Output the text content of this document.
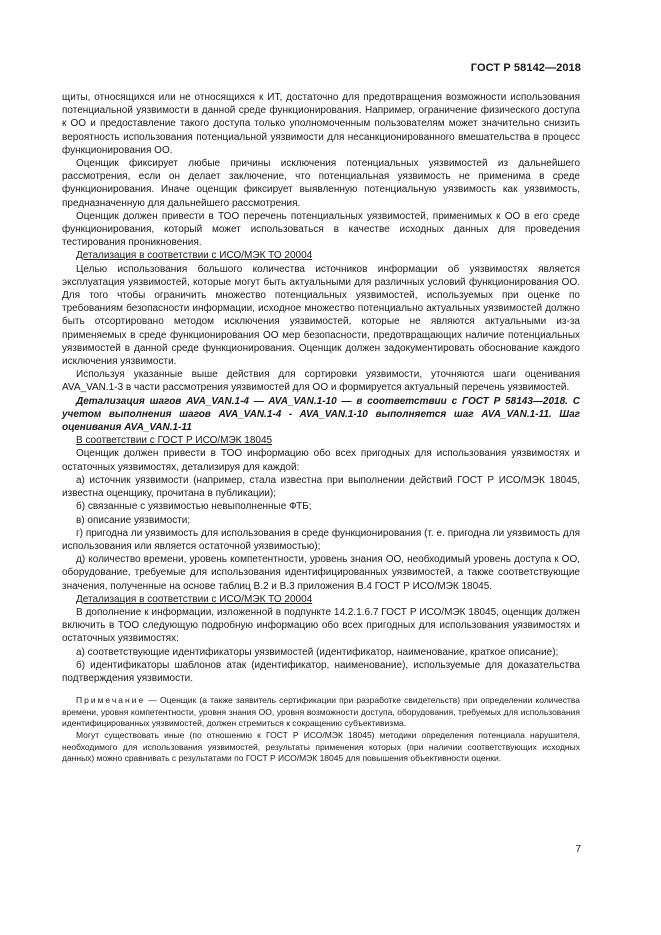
ГОСТ Р 58142—2018

щиты, относящихся или не относящихся к ИТ, достаточно для предотвращения возможности использования потенциальной уязвимости в данной среде функционирования. Например, ограничение физического доступа к ОО и предоставление такого доступа только уполномоченным пользователям может значительно снизить вероятность использования потенциальной уязвимости для несанкционированного вмешательства в процесс функционирования ОО.

Оценщик фиксирует любые причины исключения потенциальных уязвимостей из дальнейшего рассмотрения, если он делает заключение, что потенциальная уязвимость не применима в среде функционирования. Иначе оценщик фиксирует выявленную потенциальную уязвимость как уязвимость, предназначенную для дальнейшего рассмотрения.

Оценщик должен привести в ТОО перечень потенциальных уязвимостей, применимых к ОО в его среде функционирования, который может использоваться в качестве исходных данных для проведения тестирования проникновения.

Детализация в соответствии с ИСО/МЭК ТО 20004

Целью использования большого количества источников информации об уязвимостях является эксплуатация уязвимостей, которые могут быть актуальными для различных условий функционирования ОО. Для того чтобы ограничить множество потенциальных уязвимостей, используемых при оценке по требованиям безопасности информации, исходное множество потенциально актуальных уязвимостей должно быть отсортировано методом исключения уязвимостей, которые не являются актуальными из-за применяемых в среде функционирования ОО мер безопасности, предотвращающих наличие потенциальных уязвимостей в данной среде функционирования. Оценщик должен задокументировать обоснование каждого исключения уязвимости.

Используя указанные выше действия для сортировки уязвимости, уточняются шаги оценивания AVA_VAN.1-3 в части рассмотрения уязвимостей для ОО и формируется актуальный перечень уязвимостей.

Детализация шагов AVA_VAN.1-4 — AVA_VAN.1-10 — в соответствии с ГОСТ Р 58143—2018. С учетом выполнения шагов AVA_VAN.1-4 - AVA_VAN.1-10 выполняется шаг AVA_VAN.1-11. Шаг оценивания AVA_VAN.1-11

В соответствии с ГОСТ Р ИСО/МЭК 18045

Оценщик должен привести в ТОО информацию обо всех пригодных для использования уязвимостях и остаточных уязвимостях, детализируя для каждой:

а) источник уязвимости (например, стала известна при выполнении действий ГОСТ Р ИСО/МЭК 18045, известна оценщику, прочитана в публикации);

б) связанные с уязвимостью невыполненные ФТБ;

в) описание уязвимости;

г) пригодна ли уязвимость для использования в среде функционирования (т. е. пригодна ли уязвимость для использования или является остаточной уязвимостью);

д) количество времени, уровень компетентности, уровень знания ОО, необходимый уровень доступа к ОО, оборудование, требуемые для использования идентифицированных уязвимостей, а также соответствующие значения, полученные на основе таблиц В.2 и В.3 приложения В.4 ГОСТ Р ИСО/МЭК 18045.

Детализация в соответствии с ИСО/МЭК ТО 20004

В дополнение к информации, изложенной в подпункте 14.2.1.6.7 ГОСТ Р ИСО/МЭК 18045, оценщик должен включить в ТОО следующую подробную информацию обо всех пригодных для использования уязвимостях и остаточных уязвимостях:

а) соответствующие идентификаторы уязвимостей (идентификатор, наименование, краткое описание);

б) идентификаторы шаблонов атак (идентификатор, наименование), используемые для доказательства подтверждения уязвимости.

Примечание — Оценщик (а также заявитель сертификации при разработке свидетельств) при определении количества времени, уровня компетентности, уровня знания ОО, уровня возможности доступа, оборудования, требуемых для использования идентифицированных уязвимостей, должен стремиться к сокращению субъективизма.

Могут существовать иные (по отношению к ГОСТ Р ИСО/МЭК 18045) методики определения потенциала нарушителя, необходимого для использования уязвимостей, результаты применения которых (при наличии соответствующих исходных данных) можно сравнивать с результатами по ГОСТ Р ИСО/МЭК 18045 для повышения объективности оценки.

7
